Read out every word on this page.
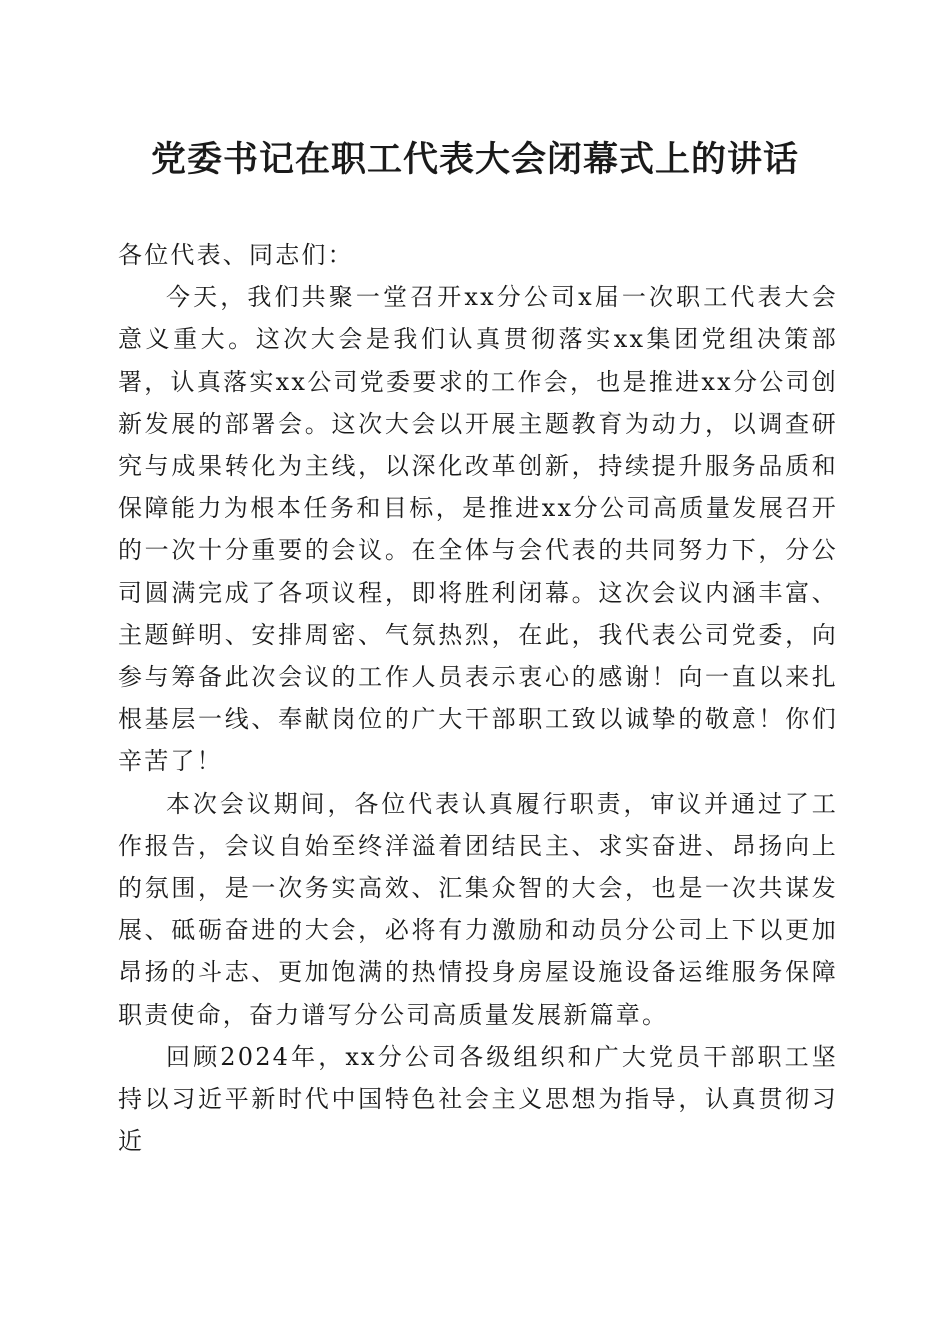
党委书记在职工代表大会闭幕式上的讲话

各位代表、同志们：

今天，我们共聚一堂召开xx分公司x届一次职工代表大会意义重大。这次大会是我们认真贯彻落实xx集团党组决策部署，认真落实xx公司党委要求的工作会，也是推进xx分公司创新发展的部署会。这次大会以开展主题教育为动力，以调查研究与成果转化为主线，以深化改革创新，持续提升服务品质和保障能力为根本任务和目标，是推进xx分公司高质量发展召开的一次十分重要的会议。在全体与会代表的共同努力下，分公司圆满完成了各项议程，即将胜利闭幕。这次会议内涵丰富、主题鲜明、安排周密、气氛热烈，在此，我代表公司党委，向参与筹备此次会议的工作人员表示衷心的感谢！向一直以来扎根基层一线、奉献岗位的广大干部职工致以诚挚的敬意！你们辛苦了！

本次会议期间，各位代表认真履行职责，审议并通过了工作报告，会议自始至终洋溢着团结民主、求实奋进、昂扬向上的氛围，是一次务实高效、汇集众智的大会，也是一次共谋发展、砥砺奋进的大会，必将有力激励和动员分公司上下以更加昂扬的斗志、更加饱满的热情投身房屋设施设备运维服务保障职责使命，奋力谱写分公司高质量发展新篇章。

回顾2024年，xx分公司各级组织和广大党员干部职工坚持以习近平新时代中国特色社会主义思想为指导，认真贯彻习近
